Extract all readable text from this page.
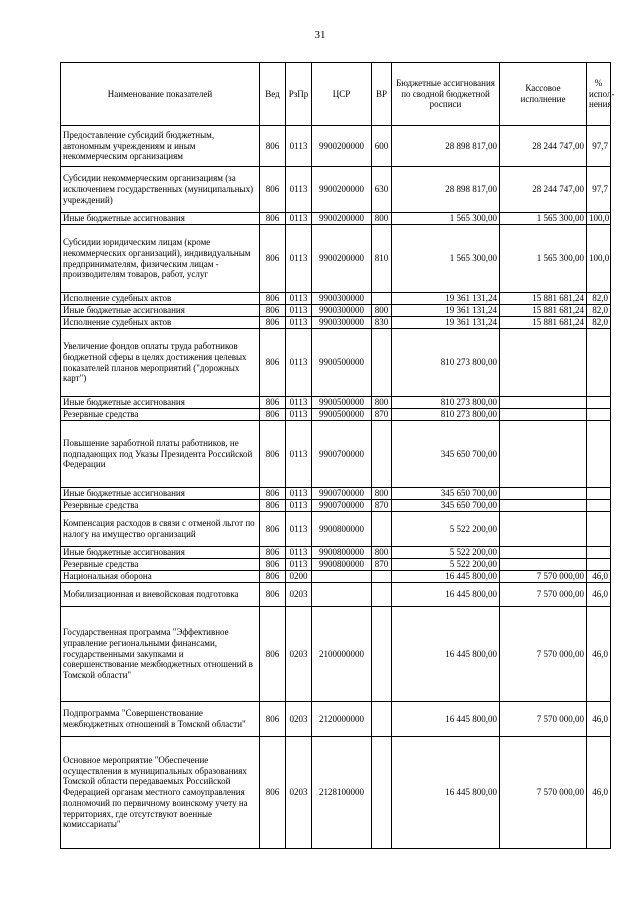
31
Наименование показателей	Вед	РзПр	ЦСР	ВР	Бюджетные ассигнования по сводной бюджетной росписи	Кассовое исполнение	% испол-нения
Предоставление субсидий бюджетным, автономным учреждениям и иным некоммерческим организациям	806	0113	9900200000	600	28 898 817,00	28 244 747,00	97,7
Субсидии некоммерческим организациям (за исключением государственных (муниципальных) учреждений)	806	0113	9900200000	630	28 898 817,00	28 244 747,00	97,7
Иные бюджетные ассигнования	806	0113	9900200000	800	1 565 300,00	1 565 300,00	100,0
Субсидии юридическим лицам (кроме некоммерческих организаций), индивидуальным предпринимателям, физическим лицам - производителям товаров, работ, услуг	806	0113	9900200000	810	1 565 300,00	1 565 300,00	100,0
Исполнение судебных актов	806	0113	9900300000		19 361 131,24	15 881 681,24	82,0
Иные бюджетные ассигнования	806	0113	9900300000	800	19 361 131,24	15 881 681,24	82,0
Исполнение судебных актов	806	0113	9900300000	830	19 361 131,24	15 881 681,24	82,0
Увеличение фондов оплаты труда работников бюджетной сферы в целях достижения целевых показателей планов мероприятий ("дорожных карт")	806	0113	9900500000		810 273 800,00		
Иные бюджетные ассигнования	806	0113	9900500000	800	810 273 800,00		
Резервные средства	806	0113	9900500000	870	810 273 800,00		
Повышение заработной платы работников, не подпадающих под Указы Президента Российской Федерации	806	0113	9900700000		345 650 700,00		
Иные бюджетные ассигнования	806	0113	9900700000	800	345 650 700,00		
Резервные средства	806	0113	9900700000	870	345 650 700,00		
Компенсация расходов в связи с отменой льгот по налогу на имущество организаций	806	0113	9900800000		5 522 200,00		
Иные бюджетные ассигнования	806	0113	9900800000	800	5 522 200,00		
Резервные средства	806	0113	9900800000	870	5 522 200,00		
Национальная оборона	806	0200			16 445 800,00	7 570 000,00	46,0
Мобилизационная и вневойсковая подготовка	806	0203			16 445 800,00	7 570 000,00	46,0
Государственная программа "Эффективное управление региональными финансами, государственными закупками и совершенствование межбюджетных отношений в Томской области"	806	0203	2100000000		16 445 800,00	7 570 000,00	46,0
Подпрограмма "Совершенствование межбюджетных отношений в Томской области"	806	0203	2120000000		16 445 800,00	7 570 000,00	46,0
Основное мероприятие "Обеспечение осуществления в муниципальных образованиях Томской области передаваемых Российской Федерацией органам местного самоуправления полномочий по первичному воинскому учету на территориях, где отсутствуют военные комиссариаты"	806	0203	2128100000		16 445 800,00	7 570 000,00	46,0
